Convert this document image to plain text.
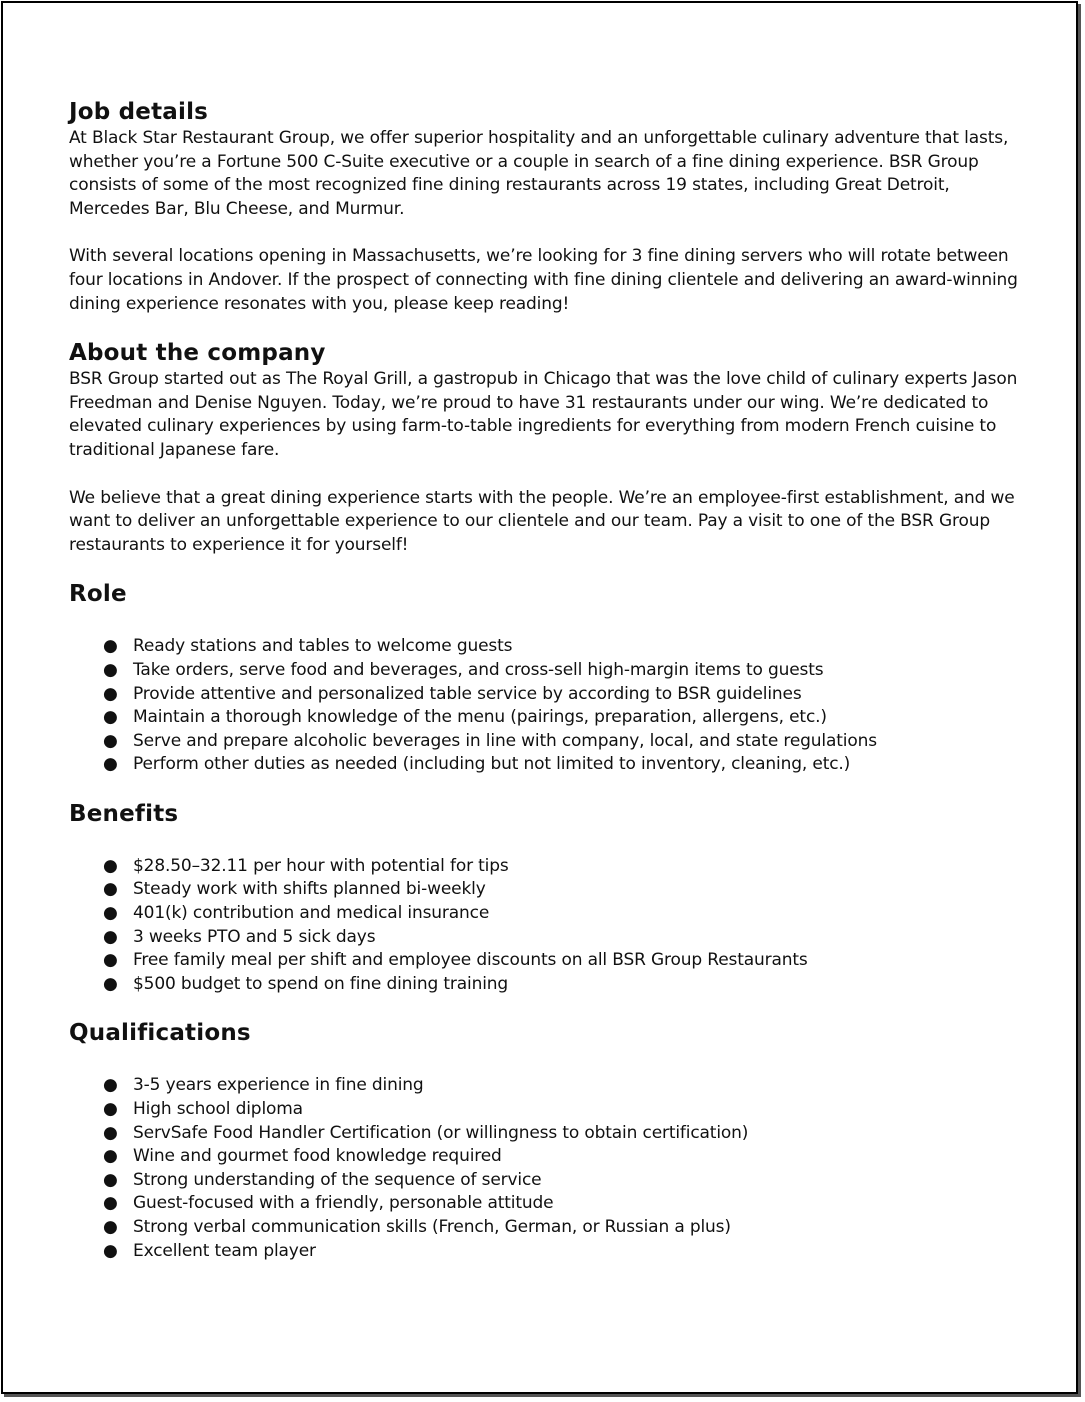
Job details

At Black Star Restaurant Group, we offer superior hospitality and an unforgettable culinary adventure that lasts, whether you’re a Fortune 500 C-Suite executive or a couple in search of a fine dining experience. BSR Group consists of some of the most recognized fine dining restaurants across 19 states, including Great Detroit, Mercedes Bar, Blu Cheese, and Murmur.

With several locations opening in Massachusetts, we’re looking for 3 fine dining servers who will rotate between four locations in Andover. If the prospect of connecting with fine dining clientele and delivering an award-winning dining experience resonates with you, please keep reading!

About the company

BSR Group started out as The Royal Grill, a gastropub in Chicago that was the love child of culinary experts Jason Freedman and Denise Nguyen. Today, we’re proud to have 31 restaurants under our wing. We’re dedicated to elevated culinary experiences by using farm-to-table ingredients for everything from modern French cuisine to traditional Japanese fare.

We believe that a great dining experience starts with the people. We’re an employee-first establishment, and we want to deliver an unforgettable experience to our clientele and our team. Pay a visit to one of the BSR Group restaurants to experience it for yourself!

Role
● Ready stations and tables to welcome guests
● Take orders, serve food and beverages, and cross-sell high-margin items to guests
● Provide attentive and personalized table service by according to BSR guidelines
● Maintain a thorough knowledge of the menu (pairings, preparation, allergens, etc.)
● Serve and prepare alcoholic beverages in line with company, local, and state regulations
● Perform other duties as needed (including but not limited to inventory, cleaning, etc.)
Benefits
● $28.50–32.11 per hour with potential for tips
● Steady work with shifts planned bi-weekly
● 401(k) contribution and medical insurance
● 3 weeks PTO and 5 sick days
● Free family meal per shift and employee discounts on all BSR Group Restaurants
● $500 budget to spend on fine dining training
Qualifications
● 3-5 years experience in fine dining
● High school diploma
● ServSafe Food Handler Certification (or willingness to obtain certification)
● Wine and gourmet food knowledge required
● Strong understanding of the sequence of service
● Guest-focused with a friendly, personable attitude
● Strong verbal communication skills (French, German, or Russian a plus)
● Excellent team player
